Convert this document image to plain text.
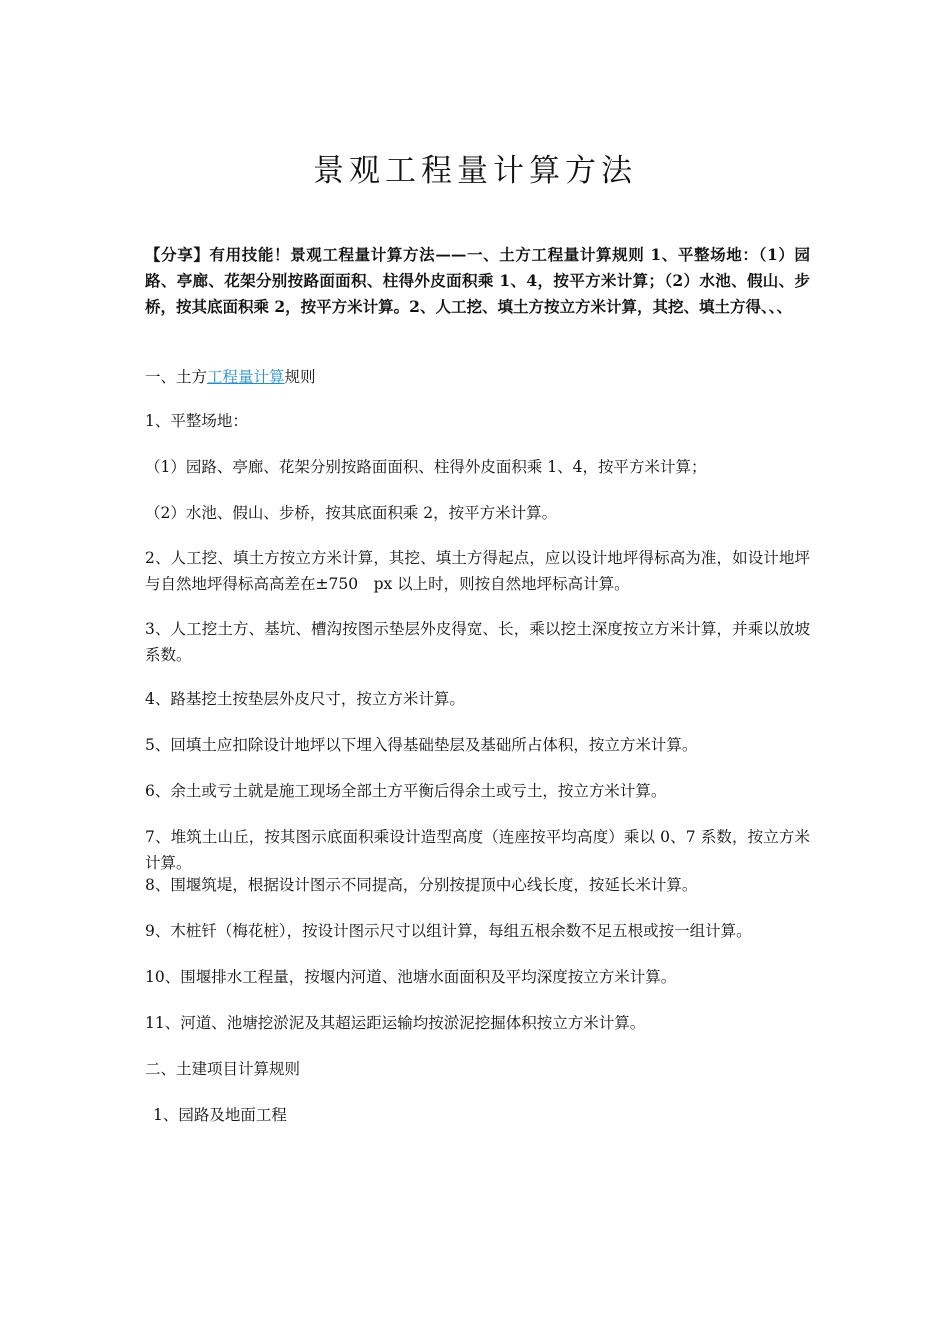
景观工程量计算方法

【分享】有用技能！景观工程量计算方法——一、土方工程量计算规则 1、平整场地：（1）园路、亭廊、花架分别按路面面积、柱得外皮面积乘 1、4，按平方米计算；（2）水池、假山、步桥，按其底面积乘 2，按平方米计算。2、人工挖、填土方按立方米计算，其挖、填土方得、、、

一、土方工程量计算规则

1、平整场地：

（1）园路、亭廊、花架分别按路面面积、柱得外皮面积乘 1、4，按平方米计算；

（2）水池、假山、步桥，按其底面积乘 2，按平方米计算。

2、人工挖、填土方按立方米计算，其挖、填土方得起点，应以设计地坪得标高为准，如设计地坪与自然地坪得标高高差在±750　px 以上时，则按自然地坪标高计算。

3、人工挖土方、基坑、槽沟按图示垫层外皮得宽、长，乘以挖土深度按立方米计算，并乘以放坡系数。

4、路基挖土按垫层外皮尺寸，按立方米计算。

5、回填土应扣除设计地坪以下埋入得基础垫层及基础所占体积，按立方米计算。

6、余土或亏土就是施工现场全部土方平衡后得余土或亏土，按立方米计算。

7、堆筑土山丘，按其图示底面积乘设计造型高度（连座按平均高度）乘以 0、7 系数，按立方米计算。

8、围堰筑堤，根据设计图示不同提高，分别按提顶中心线长度，按延长米计算。

9、木桩钎（梅花桩），按设计图示尺寸以组计算，每组五根余数不足五根或按一组计算。

10、围堰排水工程量，按堰内河道、池塘水面面积及平均深度按立方米计算。

11、河道、池塘挖淤泥及其超运距运输均按淤泥挖掘体积按立方米计算。

二、土建项目计算规则

1、园路及地面工程
